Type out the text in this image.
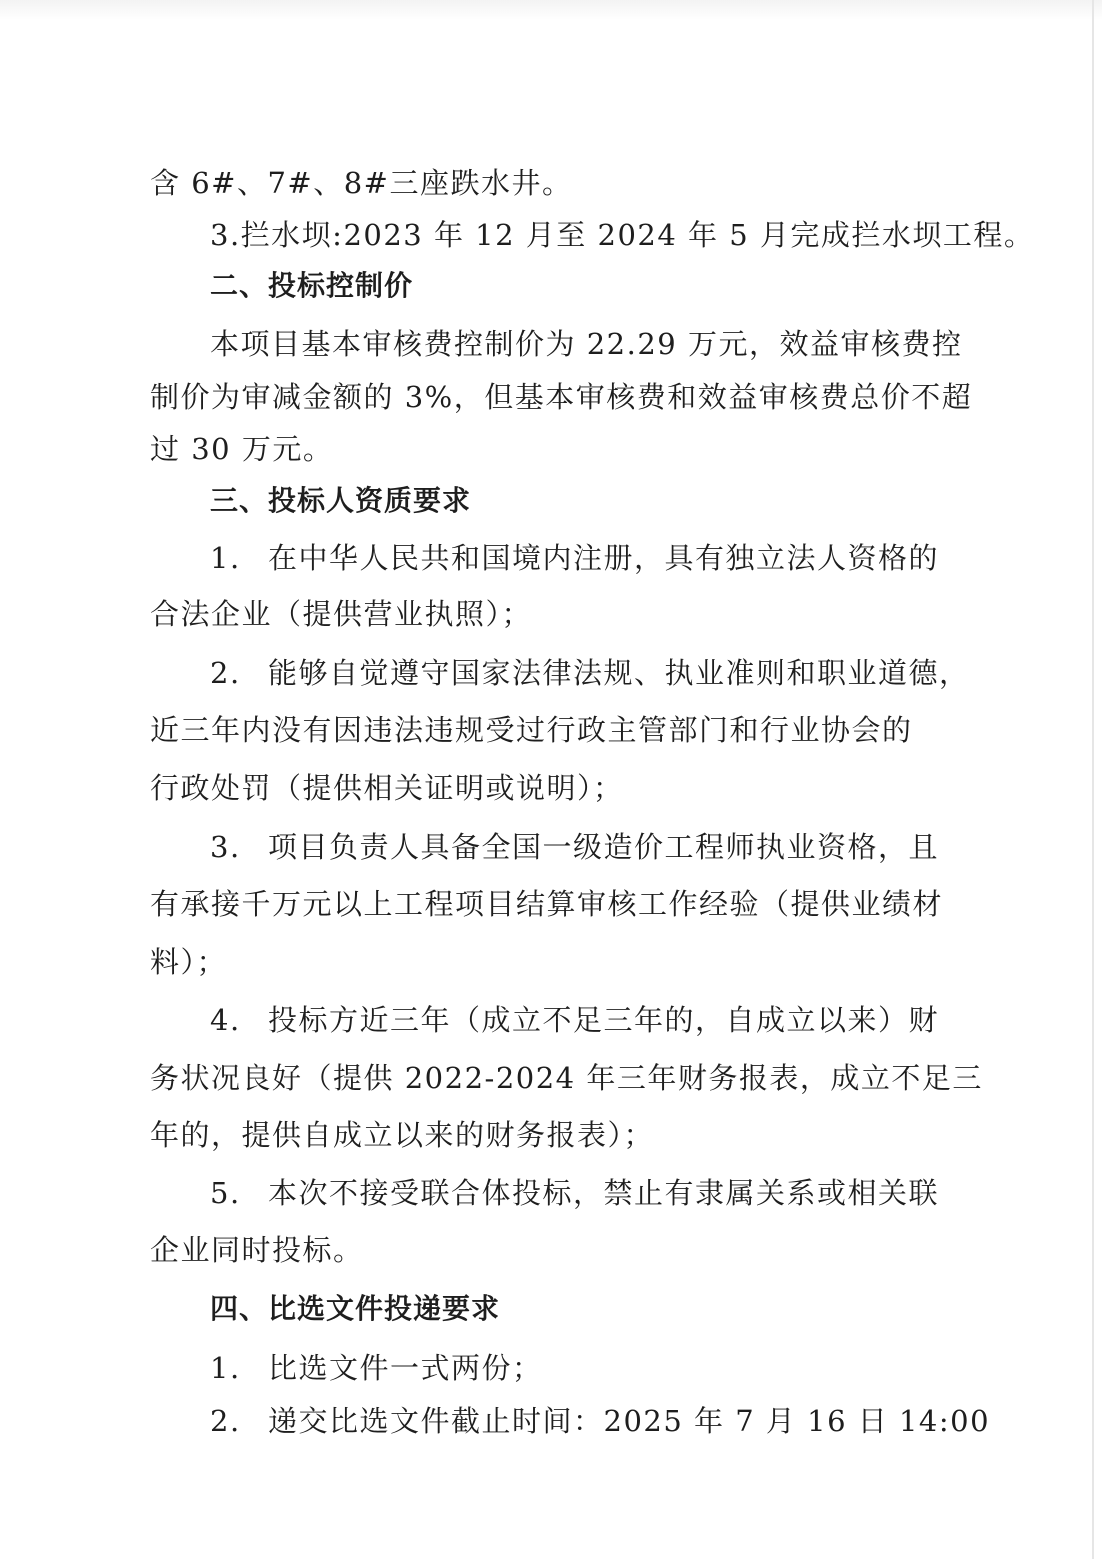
含 6#、7#、8#三座跌水井。
3.拦水坝:2023 年 12 月至 2024 年 5 月完成拦水坝工程。
二、投标控制价
本项目基本审核费控制价为 22.29 万元，效益审核费控
制价为审减金额的 3%，但基本审核费和效益审核费总价不超
过 30 万元。
三、投标人资质要求
1. 在中华人民共和国境内注册，具有独立法人资格的
合法企业（提供营业执照）；
2. 能够自觉遵守国家法律法规、执业准则和职业道德，
近三年内没有因违法违规受过行政主管部门和行业协会的
行政处罚（提供相关证明或说明）；
3. 项目负责人具备全国一级造价工程师执业资格，且
有承接千万元以上工程项目结算审核工作经验（提供业绩材
料）；
4. 投标方近三年（成立不足三年的，自成立以来）财
务状况良好（提供 2022-2024 年三年财务报表，成立不足三
年的，提供自成立以来的财务报表）；
5. 本次不接受联合体投标，禁止有隶属关系或相关联
企业同时投标。
四、比选文件投递要求
1. 比选文件一式两份；
2. 递交比选文件截止时间：2025 年 7 月 16 日 14:00
